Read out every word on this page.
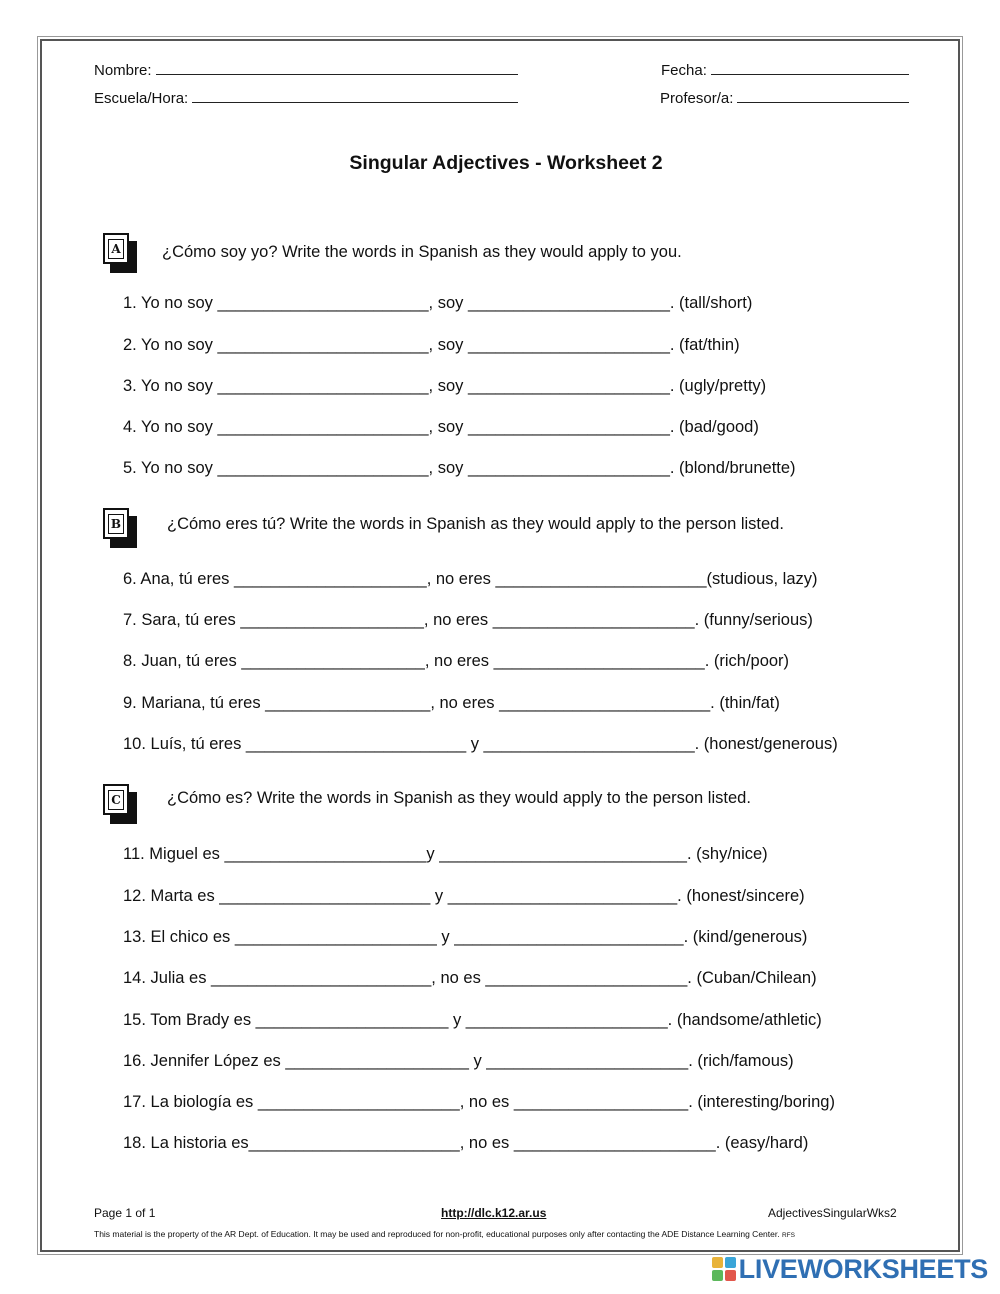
Nombre:	Fecha:
Escuela/Hora:	Profesor/a:
Singular Adjectives - Worksheet 2
A	¿Cómo soy yo? Write the words in Spanish as they would apply to you.
B	¿Cómo eres tú? Write the words in Spanish as they would apply to the person listed.
C	¿Cómo es? Write the words in Spanish as they would apply to the person listed.
1. Yo no soy _______________________, soy ______________________. (tall/short)
2. Yo no soy _______________________, soy ______________________. (fat/thin)
3. Yo no soy _______________________, soy ______________________. (ugly/pretty)
4. Yo no soy _______________________, soy ______________________. (bad/good)
5. Yo no soy _______________________, soy ______________________. (blond/brunette)
6. Ana, tú eres _____________________, no eres _______________________(studious, lazy)
7. Sara, tú eres ____________________, no eres ______________________. (funny/serious)
8. Juan, tú eres ____________________, no eres _______________________. (rich/poor)
9. Mariana, tú eres __________________, no eres _______________________. (thin/fat)
10. Luís, tú eres ________________________ y _______________________. (honest/generous)
11. Miguel es ______________________y ___________________________. (shy/nice)
12. Marta es _______________________ y _________________________. (honest/sincere)
13. El chico es ______________________ y _________________________. (kind/generous)
14. Julia es ________________________, no es ______________________. (Cuban/Chilean)
15. Tom Brady es _____________________ y ______________________. (handsome/athletic)
16. Jennifer López es ____________________ y ______________________. (rich/famous)
17. La biología es ______________________, no es ___________________. (interesting/boring)
18. La historia es_______________________, no es ______________________. (easy/hard)
Page 1 of 1	http://dlc.k12.ar.us	AdjectivesSingularWks2
This material is the property of the AR Dept. of Education. It may be used and reproduced for non-profit, educational purposes only after contacting the ADE Distance Learning Center. RFS
LIVEWORKSHEETS
